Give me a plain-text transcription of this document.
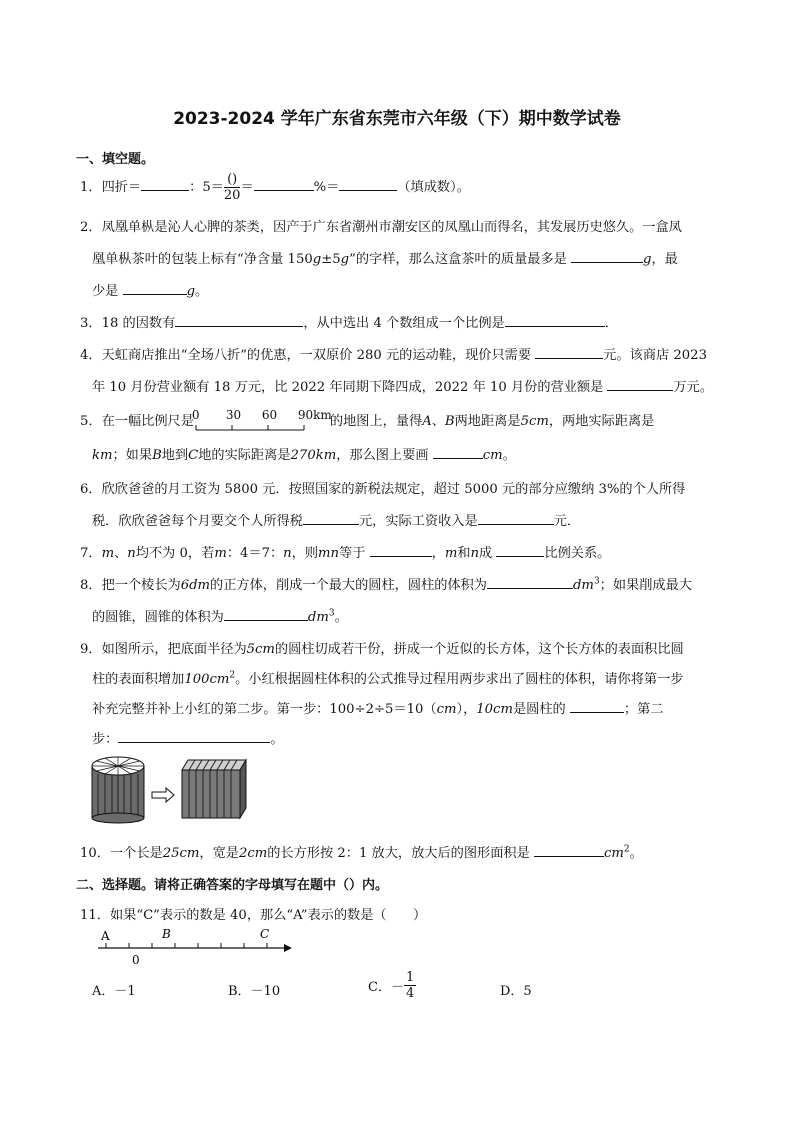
2023-2024 学年广东省东莞市六年级（下）期中数学试卷
一、填空题。
1．四折＝	：$5= \frac{()}{20}$ ＝	%＝	（填成数）。
2．凤凰单枞是沁人心脾的茶类，因产于广东省潮州市潮安区的凤凰山而得名，其发展历史悠久。一盒凤
凰单枞茶叶的包装上标有“净含量 150g±5g”的字样，那么这盒茶叶的质量最多是	g，最
少是	g。
3．18 的因数有	，从中选出 4 个数组成一个比例是	．
4．天虹商店推出“全场八折”的优惠，一双原价 280 元的运动鞋，现价只需要	元。该商店 2023
年 10 月份营业额有 18 万元，比 2022 年同期下降四成，2022 年 10 月份的营业额是	万元。
5．在一幅比例尺是
0 30 60 90km
的地图上，量得A、B两地距离是5cm，两地实际距离是
km；如果B地到C地的实际距离是270km，那么图上要画	cm。
6．欣欣爸爸的月工资为 5800 元．按照国家的新税法规定，超过 5000 元的部分应缴纳 3%的个人所得
税．欣欣爸爸每个月要交个人所得税	元，实际工资收入是	元．
7．m、n均不为 0，若m：4＝7：n，则mn等于	，m和n成	比例关系。
8．把一个棱长为6dm的正方体，削成一个最大的圆柱，圆柱的体积为	$dm^3$；如果削成最大
的圆锥，圆锥的体积为	$dm^3$。
9．如图所示，把底面半径为5cm的圆柱切成若干份，拼成一个近似的长方体，这个长方体的表面积比圆
柱的表面积增加$100cm^2$。小红根据圆柱体积的公式推导过程用两步求出了圆柱的体积，请你将第一步
补充完整并补上小红的第二步。第一步：100÷2÷5＝10（cm），10cm是圆柱的	；第二
步：	。
10．一个长是25cm，宽是2cm的长方形按 2：1 放大，放大后的图形面积是	$cm^2$。
二、选择题。请将正确答案的字母填写在题中（）内。
11．如果“C”表示的数是 40，那么“A”表示的数是（　　）
A	B	C
0
A．－1	B．－10	C．－ $\frac{1}{4}$	D．5
